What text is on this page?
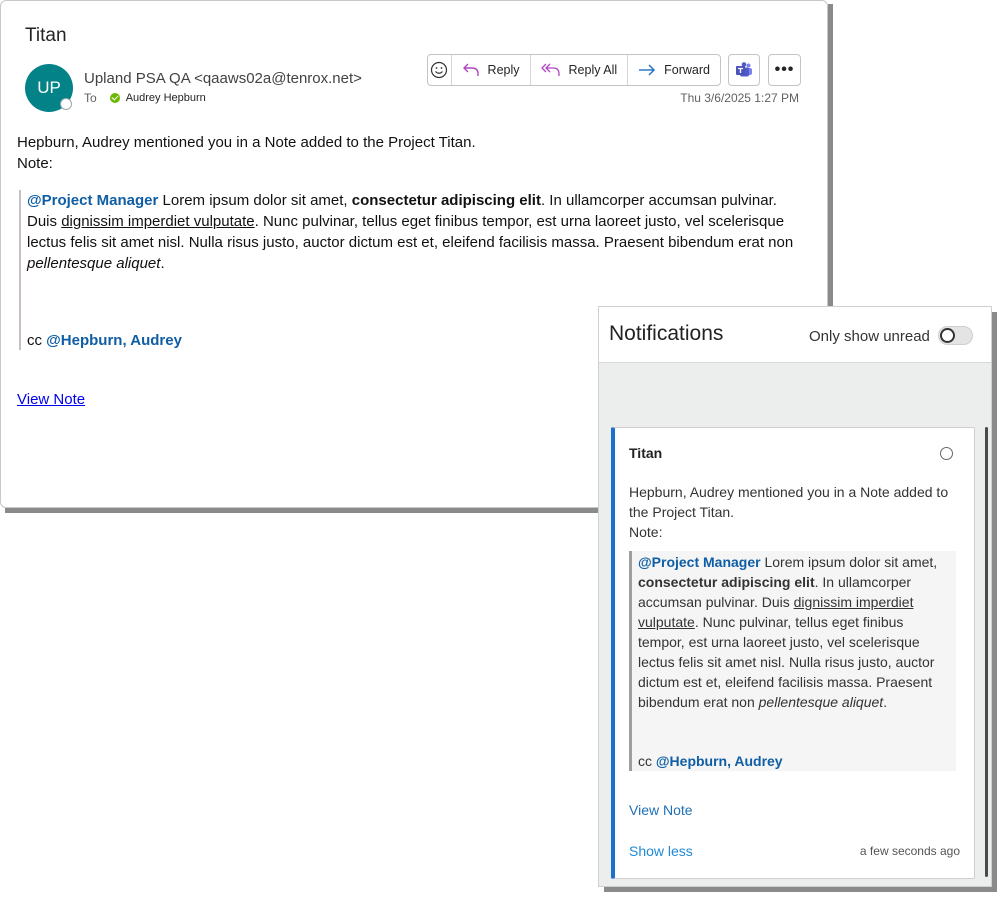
Titan
UP Upland PSA QA <qaaws02a@tenrox.net>
To	Audrey Hepburn
Reply	Reply All	Forward	•••
Thu 3/6/2025 1:27 PM
Hepburn, Audrey mentioned you in a Note added to the Project Titan.
Note:
@Project Manager Lorem ipsum dolor sit amet, consectetur adipiscing elit. In ullamcorper accumsan pulvinar. Duis dignissim imperdiet vulputate. Nunc pulvinar, tellus eget finibus tempor, est urna laoreet justo, vel scelerisque lectus felis sit amet nisl. Nulla risus justo, auctor dictum est et, eleifend facilisis massa. Praesent bibendum erat non pellentesque aliquet.
cc @Hepburn, Audrey
View Note
Notifications	Only show unread
Titan
Hepburn, Audrey mentioned you in a Note added to the Project Titan.
Note:
@Project Manager Lorem ipsum dolor sit amet, consectetur adipiscing elit. In ullamcorper accumsan pulvinar. Duis dignissim imperdiet vulputate. Nunc pulvinar, tellus eget finibus tempor, est urna laoreet justo, vel scelerisque lectus felis sit amet nisl. Nulla risus justo, auctor dictum est et, eleifend facilisis massa. Praesent bibendum erat non pellentesque aliquet.
cc @Hepburn, Audrey
View Note
Show less	a few seconds ago
